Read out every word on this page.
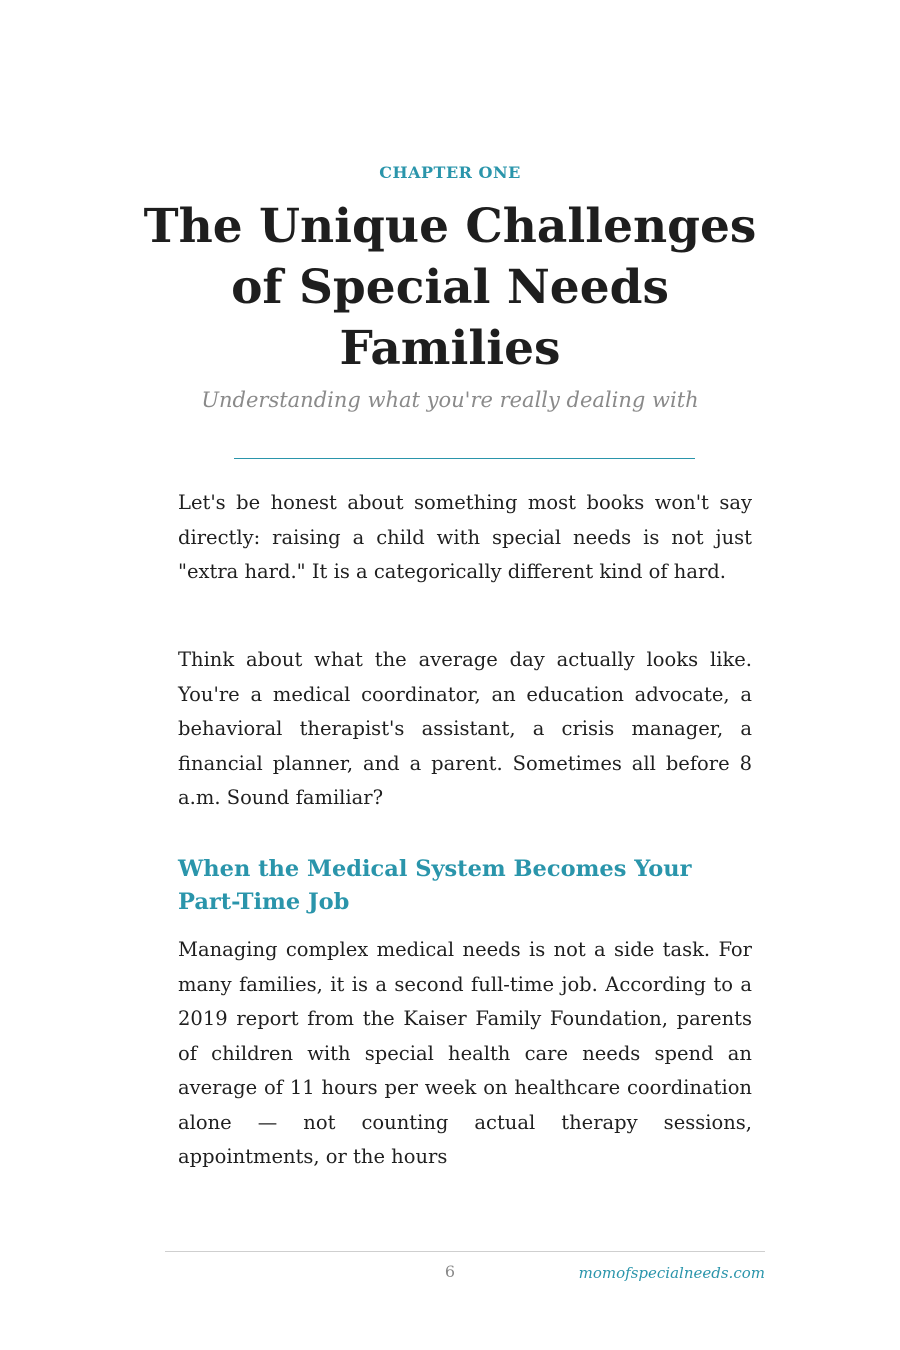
CHAPTER ONE
The Unique Challenges of Special Needs Families
Understanding what you're really dealing with

Let's be honest about something most books won't say directly: raising a child with special needs is not just "extra hard." It is a categorically different kind of hard.

Think about what the average day actually looks like. You're a medical coordinator, an education advocate, a behavioral therapist's assistant, a crisis manager, a financial planner, and a parent. Sometimes all before 8 a.m. Sound familiar?

When the Medical System Becomes Your Part-Time Job

Managing complex medical needs is not a side task. For many families, it is a second full-time job. According to a 2019 report from the Kaiser Family Foundation, parents of children with special health care needs spend an average of 11 hours per week on healthcare coordination alone — not counting actual therapy sessions, appointments, or the hours

6	momofspecialneeds.com
